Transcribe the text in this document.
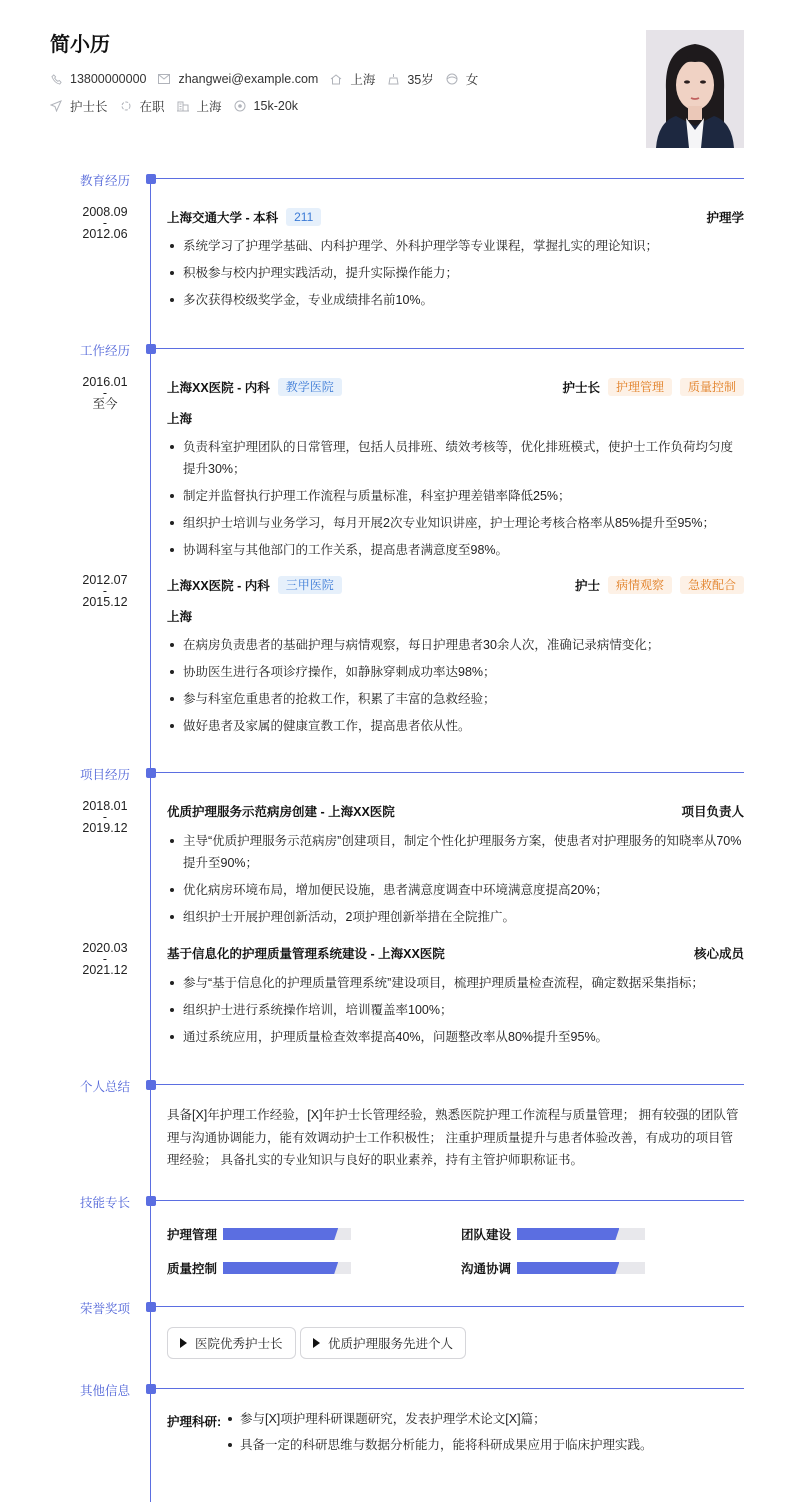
简小历
13800000000	zhangwei@example.com	上海	35岁	女
护士长	在职	上海	15k-20k
教育经历
2008.09
-
2012.06
上海交通大学 - 本科	211	护理学
系统学习了护理学基础、内科护理学、外科护理学等专业课程，掌握扎实的理论知识；
积极参与校内护理实践活动，提升实际操作能力；
多次获得校级奖学金，专业成绩排名前10%。
工作经历
2016.01
-
至今
上海XX医院 - 内科	教学医院	护士长	护理管理	质量控制
上海
负责科室护理团队的日常管理，包括人员排班、绩效考核等，优化排班模式，使护士工作负荷均匀度提升30%；
制定并监督执行护理工作流程与质量标准，科室护理差错率降低25%；
组织护士培训与业务学习，每月开展2次专业知识讲座，护士理论考核合格率从85%提升至95%；
协调科室与其他部门的工作关系，提高患者满意度至98%。
2012.07
-
2015.12
上海XX医院 - 内科	三甲医院	护士	病情观察	急救配合
上海
在病房负责患者的基础护理与病情观察，每日护理患者30余人次，准确记录病情变化；
协助医生进行各项诊疗操作，如静脉穿刺成功率达98%；
参与科室危重患者的抢救工作，积累了丰富的急救经验；
做好患者及家属的健康宣教工作，提高患者依从性。
项目经历
2018.01
-
2019.12
优质护理服务示范病房创建 - 上海XX医院	项目负责人
主导“优质护理服务示范病房”创建项目，制定个性化护理服务方案，使患者对护理服务的知晓率从70%提升至90%；
优化病房环境布局，增加便民设施，患者满意度调查中环境满意度提高20%；
组织护士开展护理创新活动，2项护理创新举措在全院推广。
2020.03
-
2021.12
基于信息化的护理质量管理系统建设 - 上海XX医院	核心成员
参与“基于信息化的护理质量管理系统”建设项目，梳理护理质量检查流程，确定数据采集指标；
组织护士进行系统操作培训，培训覆盖率100%；
通过系统应用，护理质量检查效率提高40%，问题整改率从80%提升至95%。
个人总结
具备[X]年护理工作经验，[X]年护士长管理经验，熟悉医院护理工作流程与质量管理； 拥有较强的团队管理与沟通协调能力，能有效调动护士工作积极性； 注重护理质量提升与患者体验改善，有成功的项目管理经验； 具备扎实的专业知识与良好的职业素养，持有主管护师职称证书。
技能专长
护理管理	团队建设
质量控制	沟通协调
荣誉奖项
医院优秀护士长	优质护理服务先进个人
其他信息
护理科研:	参与[X]项护理科研课题研究，发表护理学术论文[X]篇；
具备一定的科研思维与数据分析能力，能将科研成果应用于临床护理实践。
